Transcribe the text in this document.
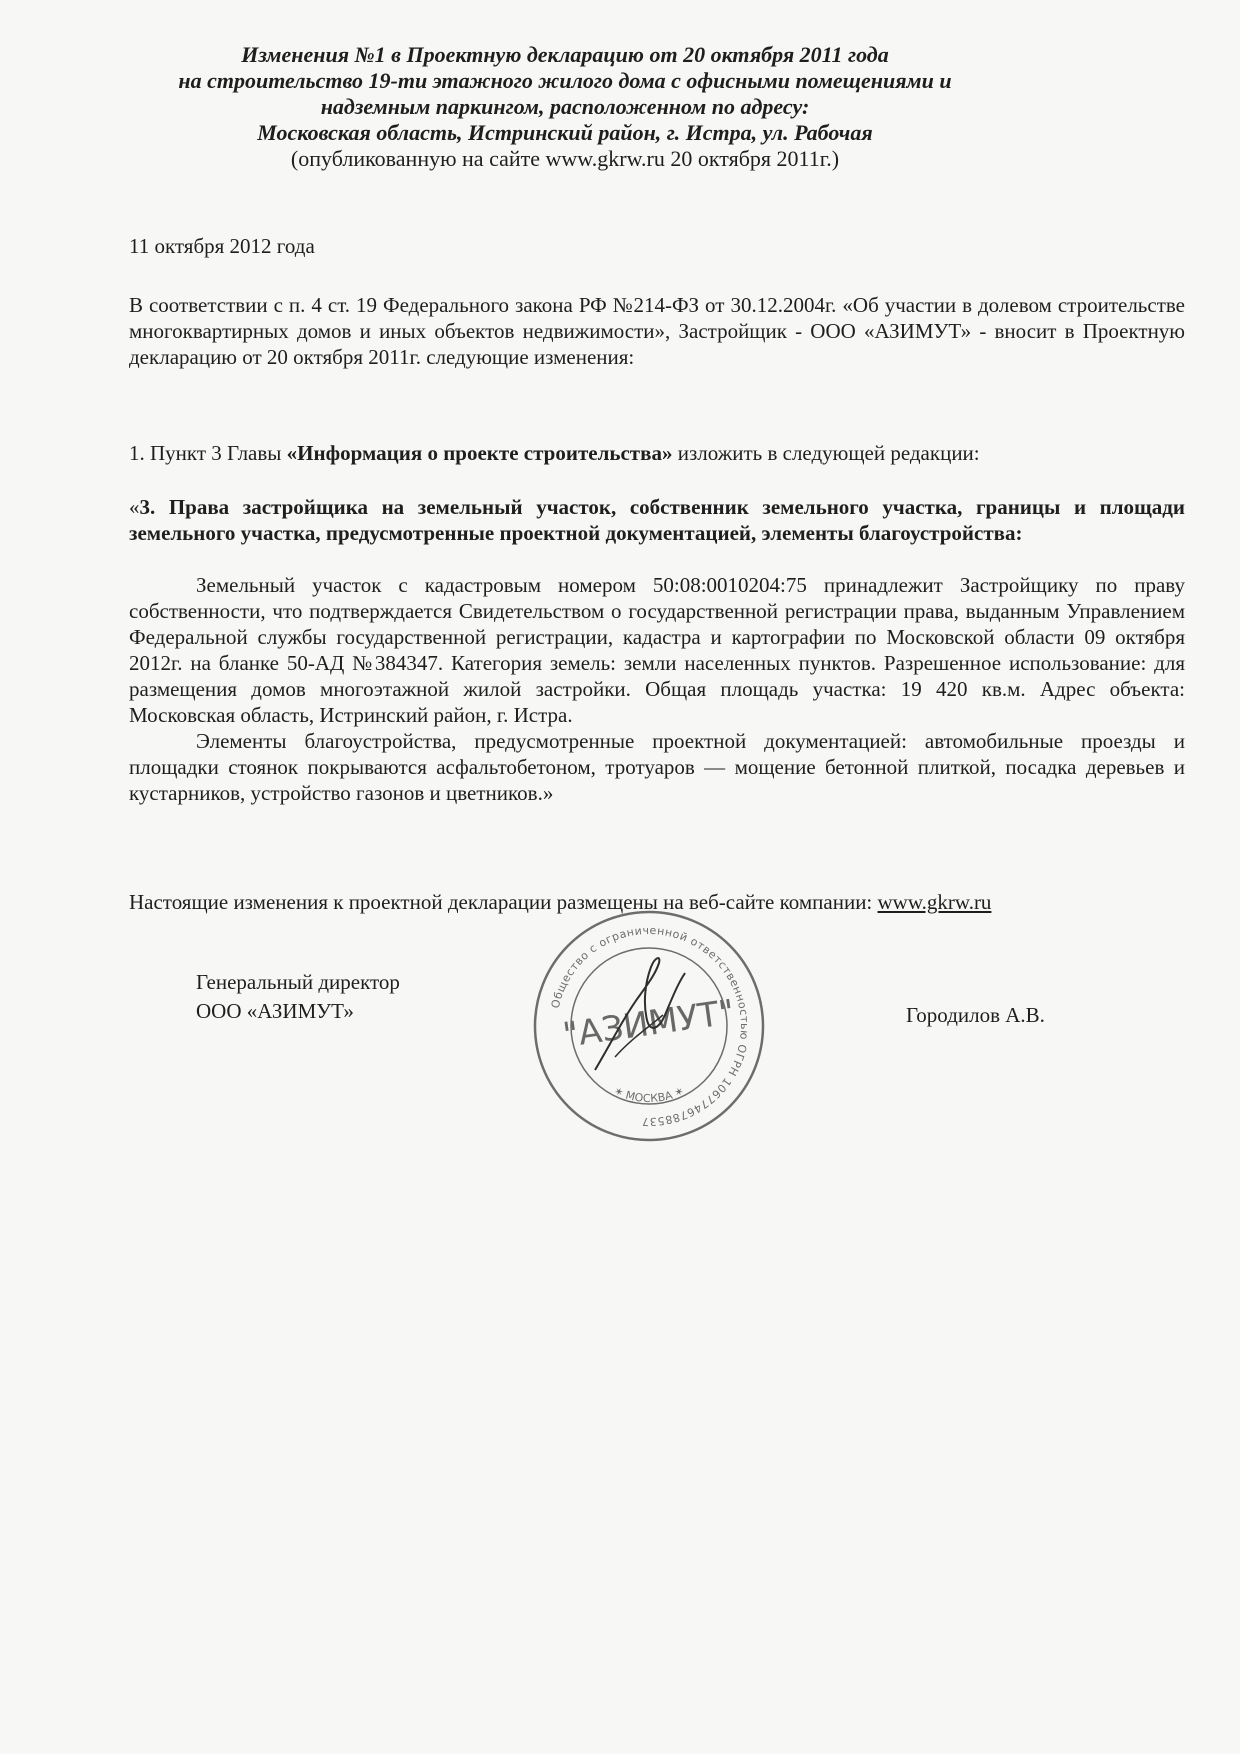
Изменения №1 в Проектную декларацию от 20 октября 2011 года
на строительство 19-ти этажного жилого дома с офисными помещениями и
надземным паркингом, расположенном по адресу:
Московская область, Истринский район, г. Истра, ул. Рабочая
(опубликованную на сайте www.gkrw.ru 20 октября 2011г.)
11 октября 2012 года
В соответствии с п. 4 ст. 19 Федерального закона РФ №214-ФЗ от 30.12.2004г. «Об участии в долевом строительстве многоквартирных домов и иных объектов недвижимости», Застройщик - ООО «АЗИМУТ» - вносит в Проектную декларацию от 20 октября 2011г. следующие изменения:
1. Пункт 3 Главы «Информация о проекте строительства» изложить в следующей редакции:
«3. Права застройщика на земельный участок, собственник земельного участка, границы и площади земельного участка, предусмотренные проектной документацией, элементы благоустройства:

Земельный участок с кадастровым номером 50:08:0010204:75 принадлежит Застройщику по праву собственности, что подтверждается Свидетельством о государственной регистрации права, выданным Управлением Федеральной службы государственной регистрации, кадастра и картографии по Московской области 09 октября 2012г. на бланке 50-АД №384347. Категория земель: земли населенных пунктов. Разрешенное использование: для размещения домов многоэтажной жилой застройки. Общая площадь участка: 19 420 кв.м. Адрес объекта: Московская область, Истринский район, г. Истра.

Элементы благоустройства, предусмотренные проектной документацией: автомобильные проезды и площадки стоянок покрываются асфальтобетоном, тротуаров — мощение бетонной плиткой, посадка деревьев и кустарников, устройство газонов и цветников.»

Настоящие изменения к проектной декларации размещены на веб-сайте компании: www.gkrw.ru
Генеральный директор
ООО «АЗИМУТ»	Городилов А.В.
Общество с ограниченной ответственностью ОГРН 1067746788537
✶ МОСКВА ✶
"АЗИМУТ"
